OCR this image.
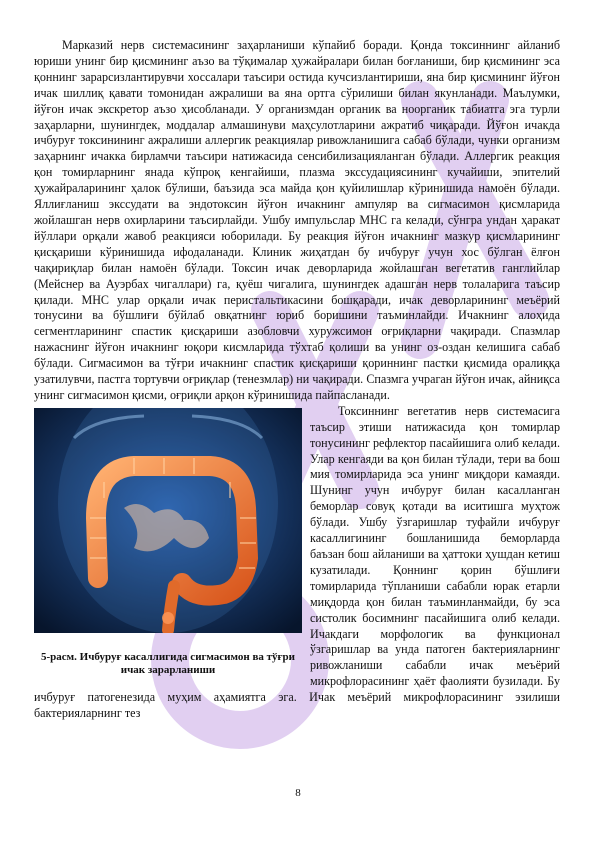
Марказий нерв системасининг заҳарланиши кўпайиб боради. Қонда токсиннинг айланиб юриши унинг бир қисмининг аъзо ва тўқималар ҳужайралари билан боғланиши, бир қисмининг эса қоннинг зарарсизлантирувчи хоссалари таъсири остида кучсизлантириши, яна бир қисмининг йўғон ичак шиллиқ қавати томонидан ажралиши ва яна ортга сўрилиши билан якунланади. Маълумки, йўғон ичак экскретор аъзо ҳисобланади. У организмдан органик ва ноорганик табиатга эга турли заҳарларни, шунингдек, моддалар алмашинуви маҳсулотларини ажратиб чиқаради. Йўғон ичакда ичбуруғ токсинининг ажралиши аллергик реакциялар ривожланишига сабаб бўлади, чунки организм заҳарнинг ичакка бирламчи таъсири натижасида сенсибилизацияланган бўлади. Аллергик реакция қон томирларнинг янада кўпроқ кенгайиши, плазма экссудациясининг кучайиши, эпителий ҳужайраларининг ҳалок бўлиши, баъзида эса майда қон қуйилишлар кўринишида намоён бўлади. Яллиғланиш экссудати ва эндотоксин йўғон ичакнинг ампуляр ва сигмасимон қисмларида жойлашган нерв охирларини таъсирлайди. Ушбу импульслар МНС га келади, сўнгра ундан ҳаракат йўллари орқали жавоб реакцияси юборилади. Бу реакция йўғон ичакнинг мазкур қисмларининг қисқариши кўринишида ифодаланади. Клиник жиҳатдан бу ичбуруғ учун хос бўлган ёлғон чақириқлар билан намоён бўлади. Токсин ичак деворларида жойлашган вегетатив ганглийлар (Мейснер ва Ауэрбах чигаллари) га, қуёш чигалига, шунингдек адашган нерв толаларига таъсир қилади. МНС улар орқали ичак перистальтикасини бошқаради, ичак деворларининг меъёрий тонусини ва бўшлиғи бўйлаб овқатнинг юриб боришини таъминлайди. Ичакнинг алоҳида сегментларининг спастик қисқариши азобловчи хуружсимон оғриқларни чақиради. Спазмлар нажаснинг йўғон ичакнинг юқори кисмларида тўхтаб қолиши ва унинг оз-оздан келишига сабаб бўлади. Сигмасимон ва тўғри ичакнинг спастик қисқариши қориннинг пастки қисмида оралиққа узатилувчи, пастга тортувчи оғриқлар (тенезмлар) ни чақиради. Спазмга учраган йўғон ичак, айниқса унинг сигмасимон қисми, оғриқли арқон кўринишида пайпасланади.

5-расм. Ичбуруғ касаллигида сигмасимон ва тўғри ичак зарарланиши

Токсиннинг вегетатив нерв системасига таъсир этиши натижасида қон томирлар тонусининг рефлектор пасайишига олиб келади. Улар кенгаяди ва қон билан тўлади, тери ва бош мия томирларида эса унинг миқдори камаяди. Шунинг учун ичбуруғ билан касалланган беморлар совуқ қотади ва иситишга муҳтож бўлади. Ушбу ўзгаришлар туфайли ичбуруғ касаллигининг бошланишида беморларда баъзан бош айланиши ва ҳаттоки ҳушдан кетиш кузатилади. Қоннинг қорин бўшлиғи томирларида тўпланиши сабабли юрак етарли миқдорда қон билан таъминланмайди, бу эса систолик босимнинг пасайишига олиб келади. Ичакдаги морфологик ва функционал ўзгаришлар ва унда патоген бактерияларнинг ривожланиши сабабли ичак меъёрий микрофлорасининг ҳаёт фаолияти бузилади. Бу ичбуруғ патогенезида муҳим аҳамиятга эга. Ичак меъёрий микрофлорасининг эзилиши бактерияларнинг тез

8
